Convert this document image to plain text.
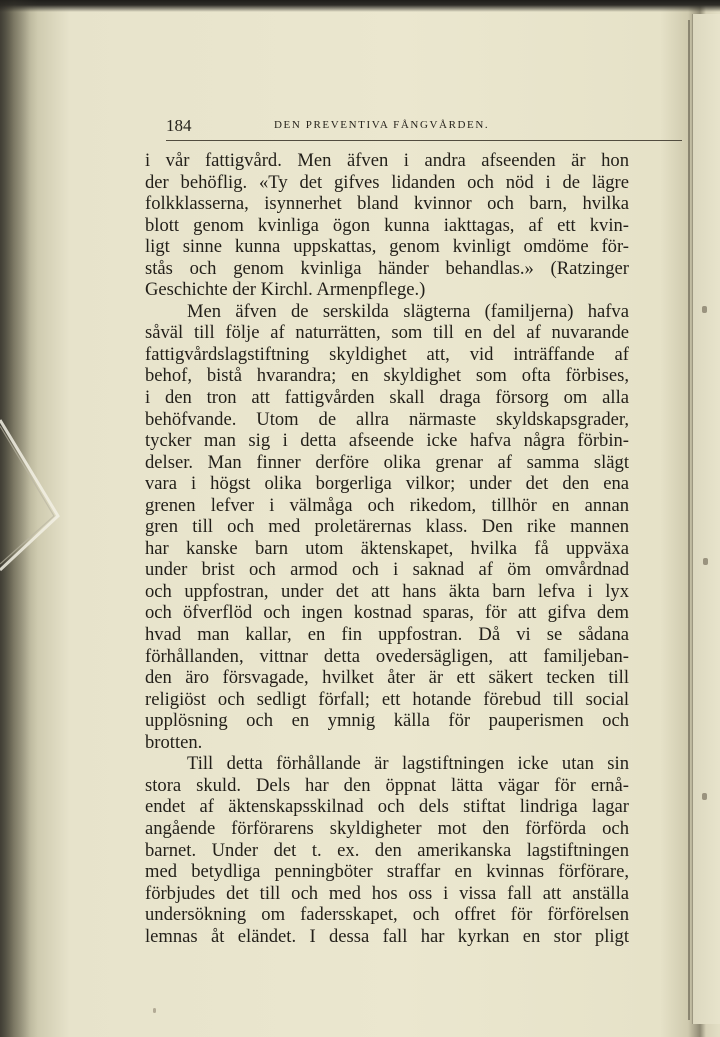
184	DEN PREVENTIVA FÅNGVÅRDEN.
i vår fattigvård. Men äfven i andra afseenden är hon
der behöflig. «Ty det gifves lidanden och nöd i de lägre
folkklasserna, isynnerhet bland kvinnor och barn, hvilka
blott genom kvinliga ögon kunna iakttagas, af ett kvin-
ligt sinne kunna uppskattas, genom kvinligt omdöme för-
stås och genom kvinliga händer behandlas.» (Ratzinger
Geschichte der Kirchl. Armenpflege.)
Men äfven de serskilda slägterna (familjerna) hafva
såväl till följe af naturrätten, som till en del af nuvarande
fattigvårdslagstiftning skyldighet att, vid inträffande af
behof, bistå hvarandra; en skyldighet som ofta förbises,
i den tron att fattigvården skall draga försorg om alla
behöfvande. Utom de allra närmaste skyldskapsgrader,
tycker man sig i detta afseende icke hafva några förbin-
delser. Man finner derföre olika grenar af samma slägt
vara i högst olika borgerliga vilkor; under det den ena
grenen lefver i välmåga och rikedom, tillhör en annan
gren till och med proletärernas klass. Den rike mannen
har kanske barn utom äktenskapet, hvilka få uppväxa
under brist och armod och i saknad af öm omvårdnad
och uppfostran, under det att hans äkta barn lefva i lyx
och öfverflöd och ingen kostnad sparas, för att gifva dem
hvad man kallar, en fin uppfostran. Då vi se sådana
förhållanden, vittnar detta ovedersägligen, att familjeban-
den äro försvagade, hvilket åter är ett säkert tecken till
religiöst och sedligt förfall; ett hotande förebud till social
upplösning och en ymnig källa för pauperismen och
brotten.
Till detta förhållande är lagstiftningen icke utan sin
stora skuld. Dels har den öppnat lätta vägar för ernå-
endet af äktenskapsskilnad och dels stiftat lindriga lagar
angående förförarens skyldigheter mot den förförda och
barnet. Under det t. ex. den amerikanska lagstiftningen
med betydliga penningböter straffar en kvinnas förförare,
förbjudes det till och med hos oss i vissa fall att anställa
undersökning om fadersskapet, och offret för förförelsen
lemnas åt eländet. I dessa fall har kyrkan en stor pligt
